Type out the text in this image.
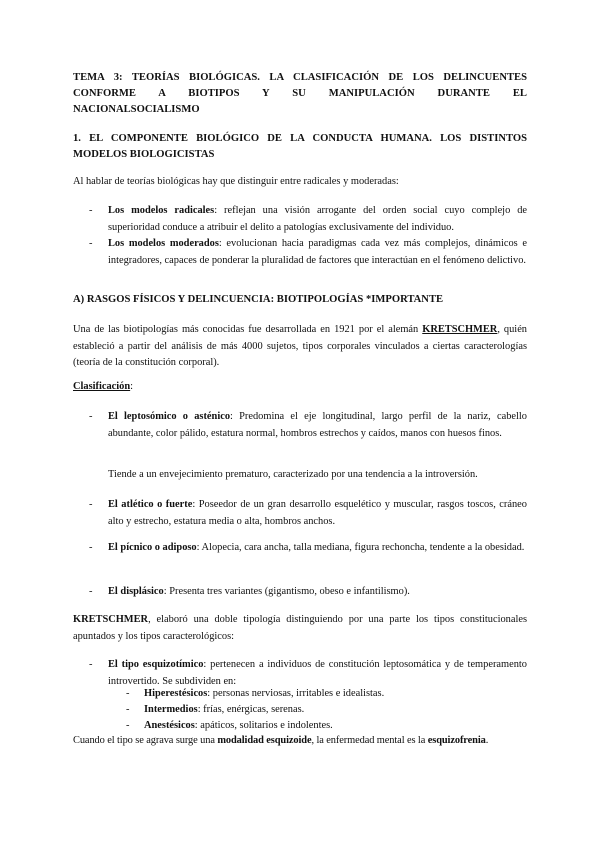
TEMA 3: TEORÍAS BIOLÓGICAS. LA CLASIFICACIÓN DE LOS DELINCUENTES
CONFORME A BIOTIPOS Y SU MANIPULACIÓN DURANTE EL
NACIONALSOCIALISMO
1. EL COMPONENTE BIOLÓGICO DE LA CONDUCTA HUMANA. LOS DISTINTOS
MODELOS BIOLOGICISTAS
Al hablar de teorías biológicas hay que distinguir entre radicales y moderadas:
- Los modelos radicales: reflejan una visión arrogante del orden social cuyo complejo de superioridad conduce a atribuir el delito a patologías exclusivamente del individuo.
- Los modelos moderados: evolucionan hacia paradigmas cada vez más complejos, dinámicos e integradores, capaces de ponderar la pluralidad de factores que interactúan en el fenómeno delictivo.
A) RASGOS FÍSICOS Y DELINCUENCIA: BIOTIPOLOGÍAS *IMPORTANTE
Una de las biotipologías más conocidas fue desarrollada en 1921 por el alemán KRETSCHMER, quién estableció a partir del análisis de más 4000 sujetos, tipos corporales vinculados a ciertas caracterologías (teoría de la constitución corporal).
Clasificación:
- El leptosómico o asténico: Predomina el eje longitudinal, largo perfil de la nariz, cabello abundante, color pálido, estatura normal, hombros estrechos y caídos, manos con huesos finos.
Tiende a un envejecimiento prematuro, caracterizado por una tendencia a la introversión.
- El atlético o fuerte: Poseedor de un gran desarrollo esquelético y muscular, rasgos toscos, cráneo alto y estrecho, estatura media o alta, hombros anchos.
- El pícnico o adiposo: Alopecia, cara ancha, talla mediana, figura rechoncha, tendente a la obesidad.
- El displásico: Presenta tres variantes (gigantismo, obeso e infantilismo).
KRETSCHMER, elaboró una doble tipología distinguiendo por una parte los tipos constitucionales apuntados y los tipos caracterológicos:
- El tipo esquizotímico: pertenecen a individuos de constitución leptosomática y de temperamento introvertido. Se subdividen en:
- Hiperestésicos: personas nerviosas, irritables e idealistas.
- Intermedios: frías, enérgicas, serenas.
- Anestésicos: apáticos, solitarios e indolentes.
Cuando el tipo se agrava surge una modalidad esquizoide, la enfermedad mental es la esquizofrenia.
